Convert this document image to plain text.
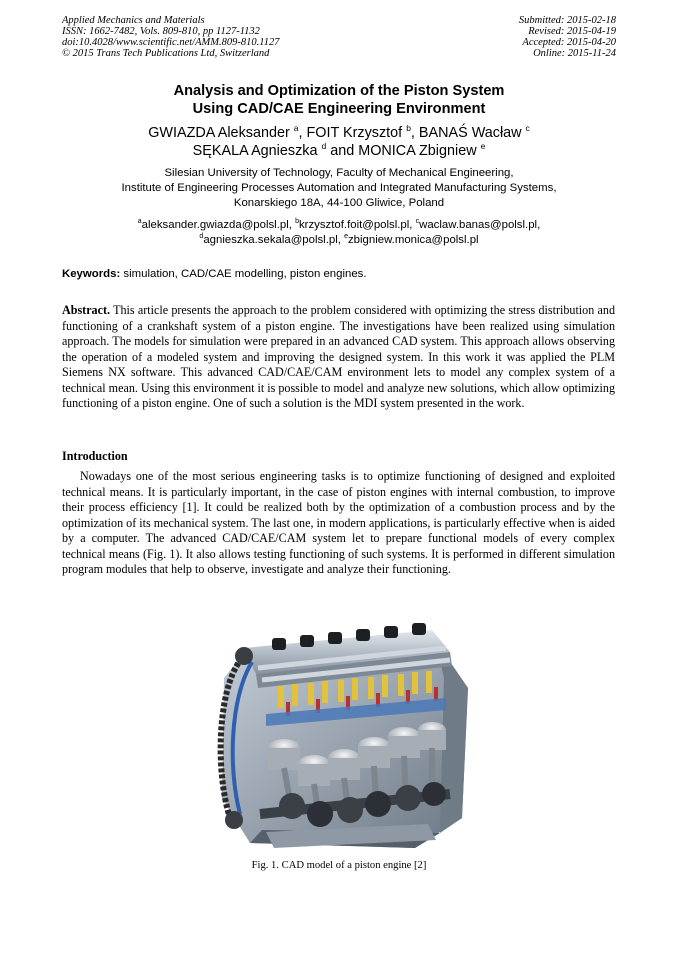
Applied Mechanics and Materials
ISSN: 1662-7482, Vols. 809-810, pp 1127-1132
doi:10.4028/www.scientific.net/AMM.809-810.1127
© 2015 Trans Tech Publications Ltd, Switzerland
Submitted: 2015-02-18
Revised: 2015-04-19
Accepted: 2015-04-20
Online: 2015-11-24
Analysis and Optimization of the Piston System
Using CAD/CAE Engineering Environment
GWIAZDA Aleksander $^a$, FOIT Krzysztof $^b$, BANAŚ Wacław $^c$
SĘKALA Agnieszka $^d$ and MONICA Zbigniew $^e$
Silesian University of Technology, Faculty of Mechanical Engineering,
Institute of Engineering Processes Automation and Integrated Manufacturing Systems,
Konarskiego 18A, 44-100 Gliwice, Poland
$^a$aleksander.gwiazda@polsl.pl, $^b$krzysztof.foit@polsl.pl, $^c$waclaw.banas@polsl.pl,
$^d$agnieszka.sekala@polsl.pl, $^e$zbigniew.monica@polsl.pl
Keywords: simulation, CAD/CAE modelling, piston engines.
Abstract. This article presents the approach to the problem considered with optimizing the stress distribution and functioning of a crankshaft system of a piston engine. The investigations have been realized using simulation approach. The models for simulation were prepared in an advanced CAD system. This approach allows observing the operation of a modeled system and improving the designed system. In this work it was applied the PLM Siemens NX software. This advanced CAD/CAE/CAM environment lets to model any complex system of a technical mean. Using this environment it is possible to model and analyze new solutions, which allow optimizing functioning of a piston engine. One of such a solution is the MDI system presented in the work.
Introduction
Nowadays one of the most serious engineering tasks is to optimize functioning of designed and exploited technical means. It is particularly important, in the case of piston engines with internal combustion, to improve their process efficiency [1]. It could be realized both by the optimization of a combustion process and by the optimization of its mechanical system. The last one, in modern applications, is particularly effective when is aided by a computer. The advanced CAD/CAE/CAM system let to prepare functional models of every complex technical means (Fig. 1). It also allows testing functioning of such systems. It is performed in different simulation program modules that help to observe, investigate and analyze their functioning.
Fig. 1. CAD model of a piston engine [2]
